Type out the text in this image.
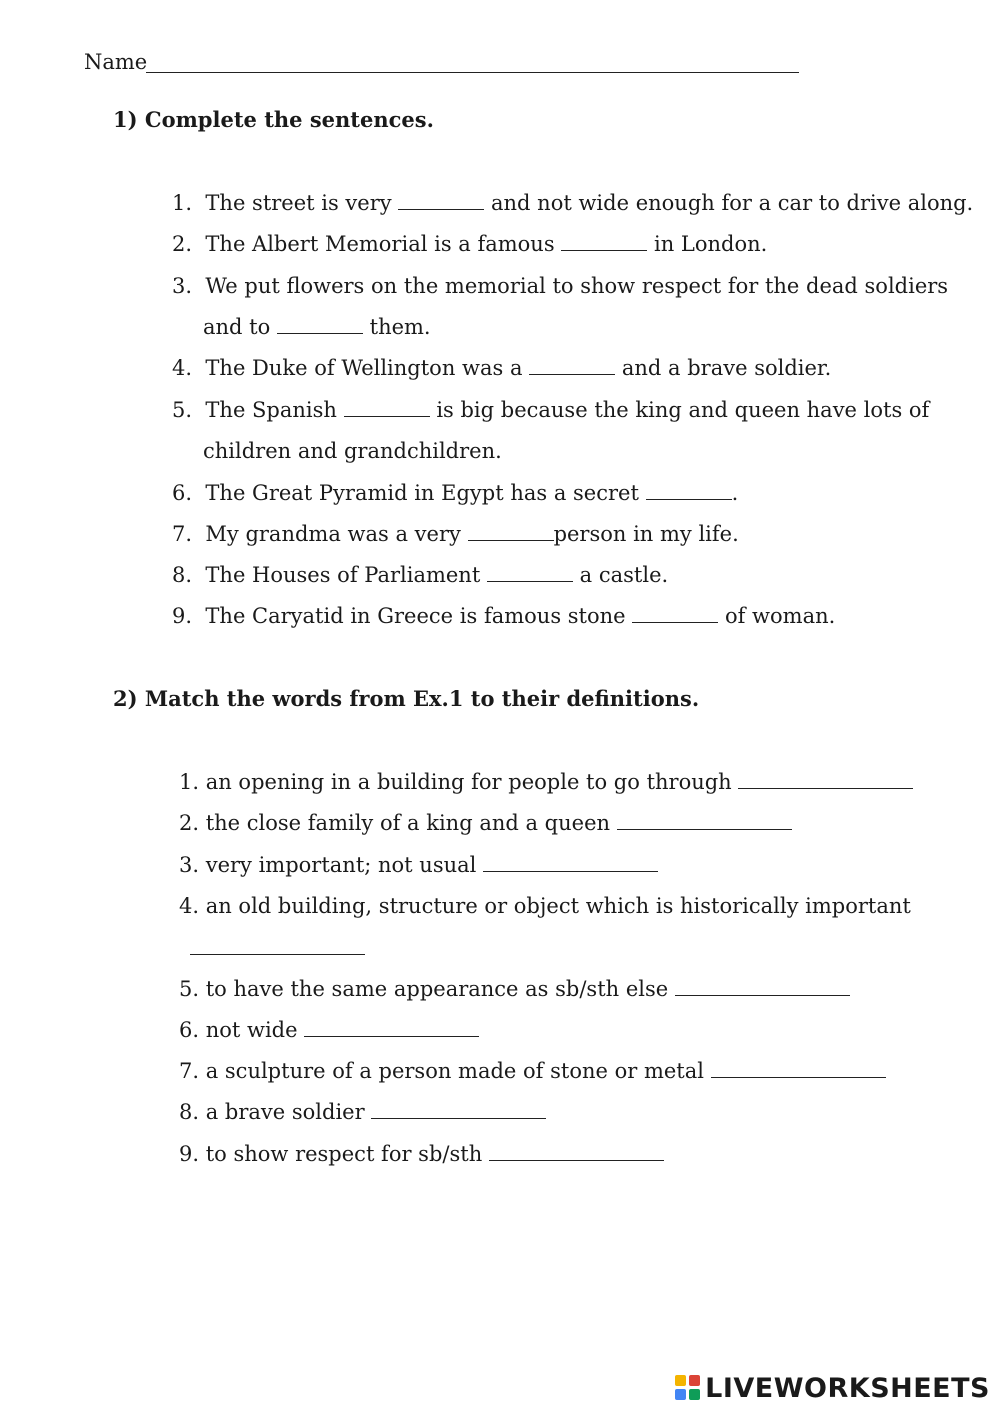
Name
1) Complete the sentences.
1. The street is very	and not wide enough for a car to drive along.
2. The Albert Memorial is a famous	in London.
3. We put flowers on the memorial to show respect for the dead soldiers
and to	them.
4. The Duke of Wellington was a	and a brave soldier.
5. The Spanish	is big because the king and queen have lots of
children and grandchildren.
6. The Great Pyramid in Egypt has a secret	.
7. My grandma was a very	person in my life.
8. The Houses of Parliament	a castle.
9. The Caryatid in Greece is famous stone	of woman.
2) Match the words from Ex.1 to their definitions.
1. an opening in a building for people to go through
2. the close family of a king and a queen
3. very important; not usual
4. an old building, structure or object which is historically important
5. to have the same appearance as sb/sth else
6. not wide
7. a sculpture of a person made of stone or metal
8. a brave soldier
9. to show respect for sb/sth
LIVEWORKSHEETS
